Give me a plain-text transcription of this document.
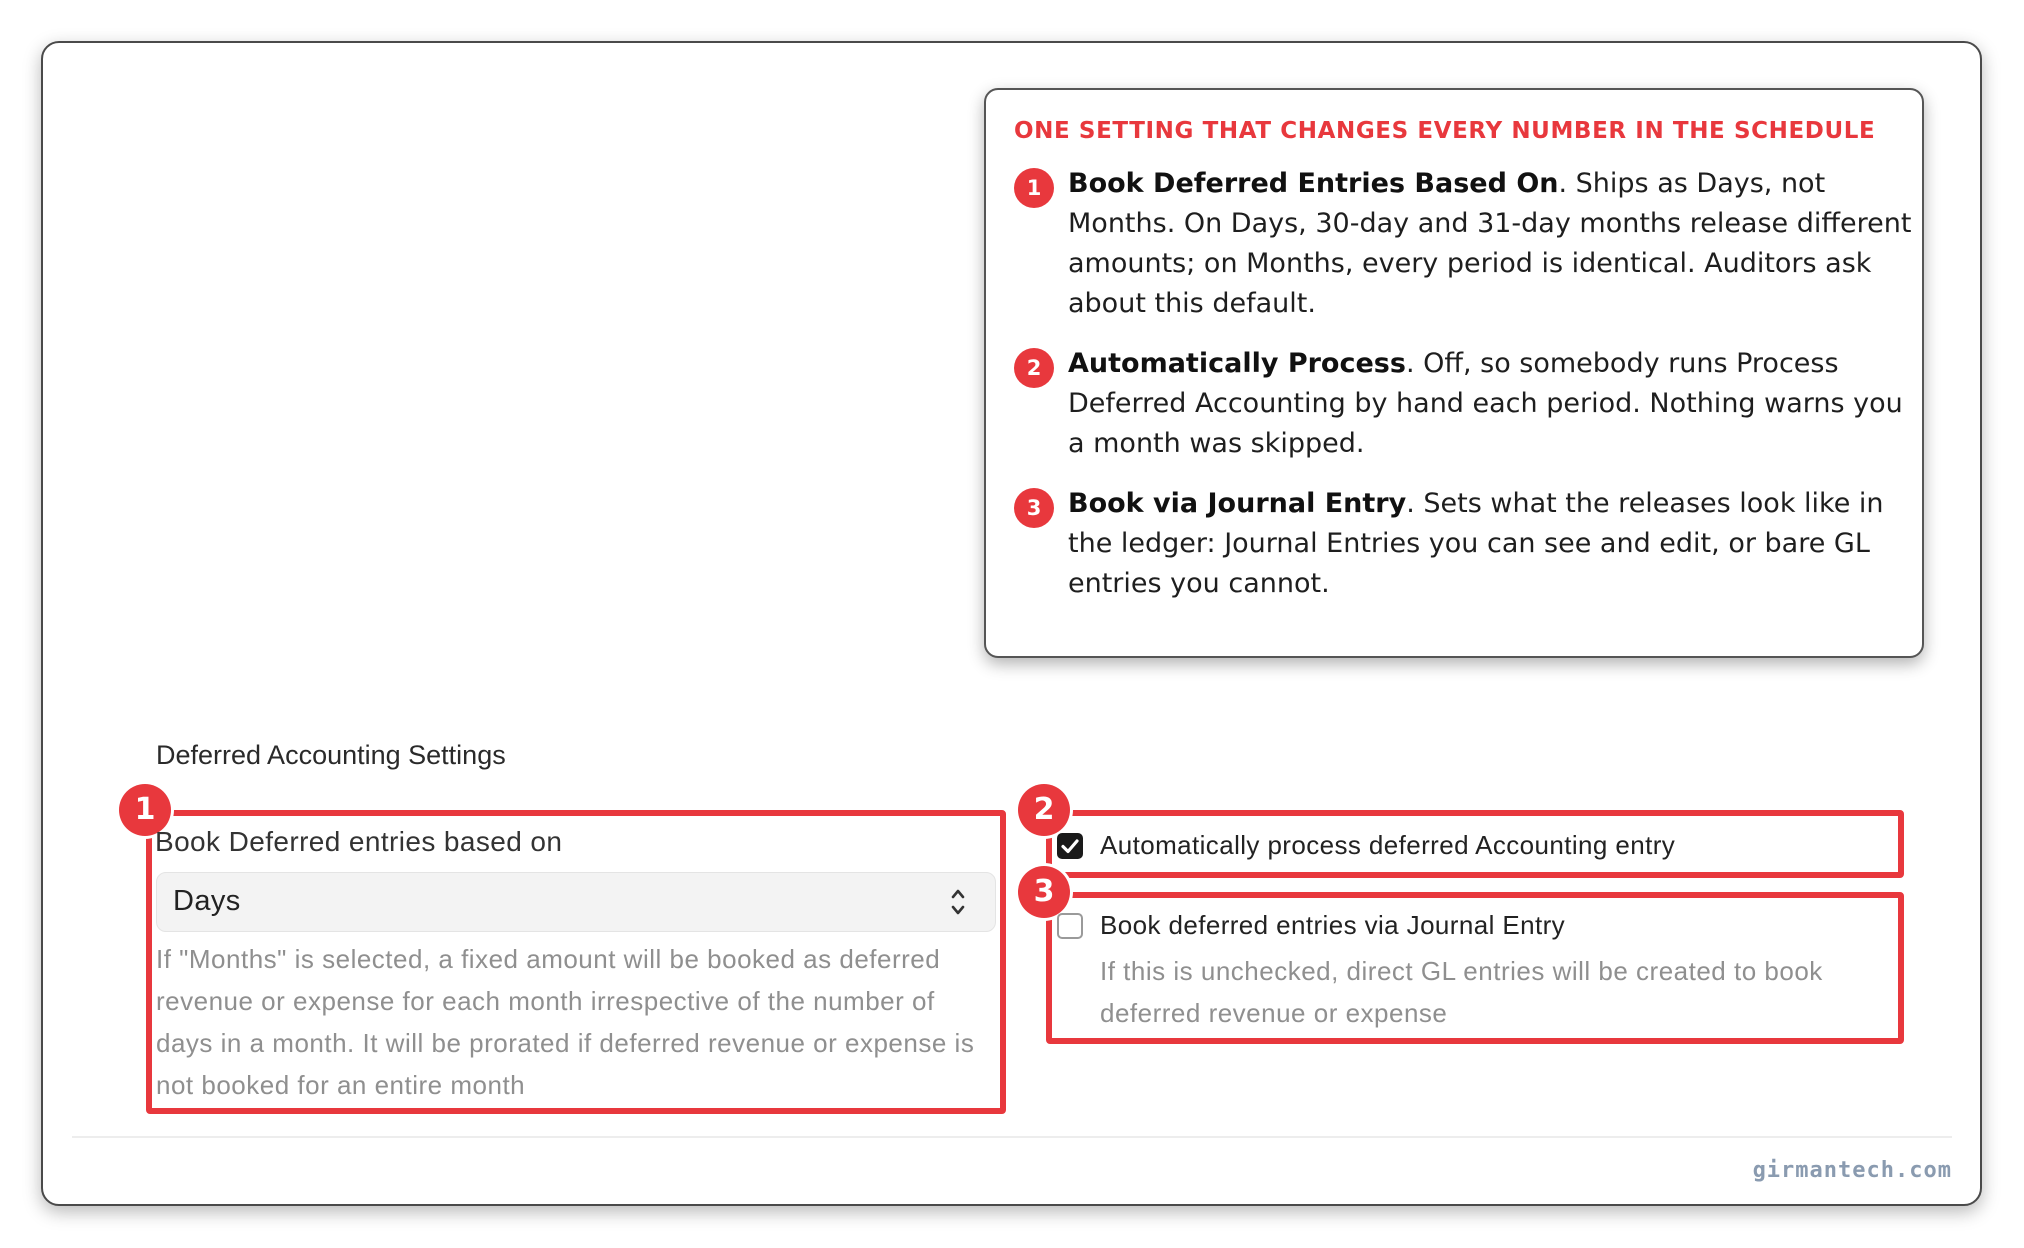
ONE SETTING THAT CHANGES EVERY NUMBER IN THE SCHEDULE
1 Book Deferred Entries Based On. Ships as Days, not Months. On Days, 30-day and 31-day months release different amounts; on Months, every period is identical. Auditors ask about this default.
2 Automatically Process. Off, so somebody runs Process Deferred Accounting by hand each period. Nothing warns you a month was skipped.
3 Book via Journal Entry. Sets what the releases look like in the ledger: Journal Entries you can see and edit, or bare GL entries you cannot.
Deferred Accounting Settings
1
Book Deferred entries based on
Days
If "Months" is selected, a fixed amount will be booked as deferred revenue or expense for each month irrespective of the number of days in a month. It will be prorated if deferred revenue or expense is not booked for an entire month
2
Automatically process deferred Accounting entry
3
Book deferred entries via Journal Entry
If this is unchecked, direct GL entries will be created to book deferred revenue or expense
girmantech.com
